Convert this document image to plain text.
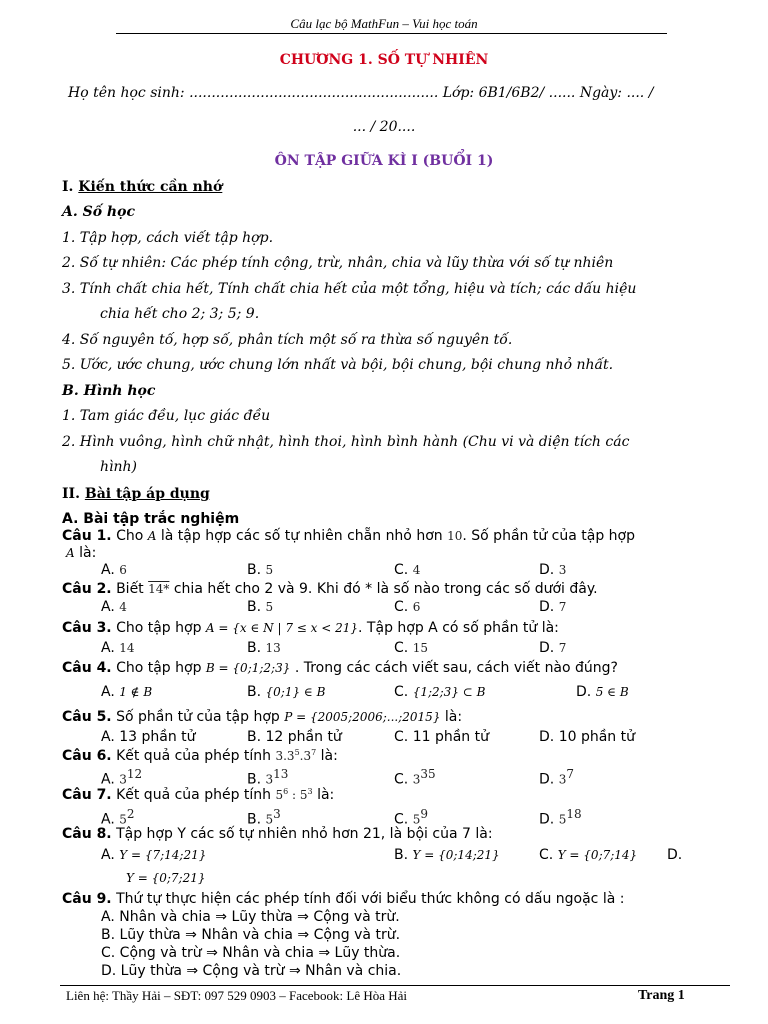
Câu lạc bộ MathFun – Vui học toán
CHƯƠNG 1. SỐ TỰ NHIÊN
Họ tên học sinh: ........................................................ Lớp: 6B1/6B2/ ...... Ngày: .... /
... / 20....
ÔN TẬP GIỮA KÌ I (BUỔI 1)
I. Kiến thức cần nhớ
A. Số học
1. Tập hợp, cách viết tập hợp.
2. Số tự nhiên: Các phép tính cộng, trừ, nhân, chia và lũy thừa với số tự nhiên
3. Tính chất chia hết, Tính chất chia hết của một tổng, hiệu và tích; các dấu hiệu
chia hết cho 2; 3; 5; 9.
4. Số nguyên tố, hợp số, phân tích một số ra thừa số nguyên tố.
5. Ước, ước chung, ước chung lớn nhất và bội, bội chung, bội chung nhỏ nhất.
B. Hình học
1. Tam giác đều, lục giác đều
2. Hình vuông, hình chữ nhật, hình thoi, hình bình hành (Chu vi và diện tích các
hình)
II. Bài tập áp dụng
A. Bài tập trắc nghiệm
Câu 1. Cho A là tập hợp các số tự nhiên chẵn nhỏ hơn 10. Số phần tử của tập hợp
A là:
A. 6	B. 5	C. 4	D. 3
Câu 2. Biết 14* chia hết cho 2 và 9. Khi đó * là số nào trong các số dưới đây.
A. 4	B. 5	C. 6	D. 7
Câu 3. Cho tập hợp A = {x ∈ N | 7 ≤ x < 21}. Tập hợp A có số phần tử là:
A. 14	B. 13	C. 15	D. 7
Câu 4. Cho tập hợp B = {0;1;2;3} . Trong các cách viết sau, cách viết nào đúng?
A. 1 ∉ B	B. {0;1} ∈ B	C. {1;2;3} ⊂ B	D. 5 ∈ B
Câu 5. Số phần tử của tập hợp P = {2005;2006;...;2015} là:
A. 13 phần tử	B. 12 phần tử	C. 11 phần tử	D. 10 phần tử
Câu 6. Kết quả của phép tính $3.3^5.3^7$ là:
A. $3^{12}$	B. $3^{13}$	C. $3^{35}$	D. $3^7$
Câu 7. Kết quả của phép tính $5^6$ : $5^3$ là:
A. $5^2$	B. $5^3$	C. $5^9$	D. $5^{18}$
Câu 8. Tập hợp Y các số tự nhiên nhỏ hơn 21, là bội của 7 là:
A. Y = {7;14;21}	B. Y = {0;14;21}	C. Y = {0;7;14} D.
Y = {0;7;21}
Câu 9. Thứ tự thực hiện các phép tính đối với biểu thức không có dấu ngoặc là :
A. Nhân và chia ⇒ Lũy thừa ⇒ Cộng và trừ.
B. Lũy thừa ⇒ Nhân và chia ⇒ Cộng và trừ.
C. Cộng và trừ ⇒ Nhân và chia ⇒ Lũy thừa.
D. Lũy thừa ⇒ Cộng và trừ ⇒ Nhân và chia.
Liên hệ: Thầy Hải – SĐT: 097 529 0903 – Facebook: Lê Hòa Hải	Trang 1
